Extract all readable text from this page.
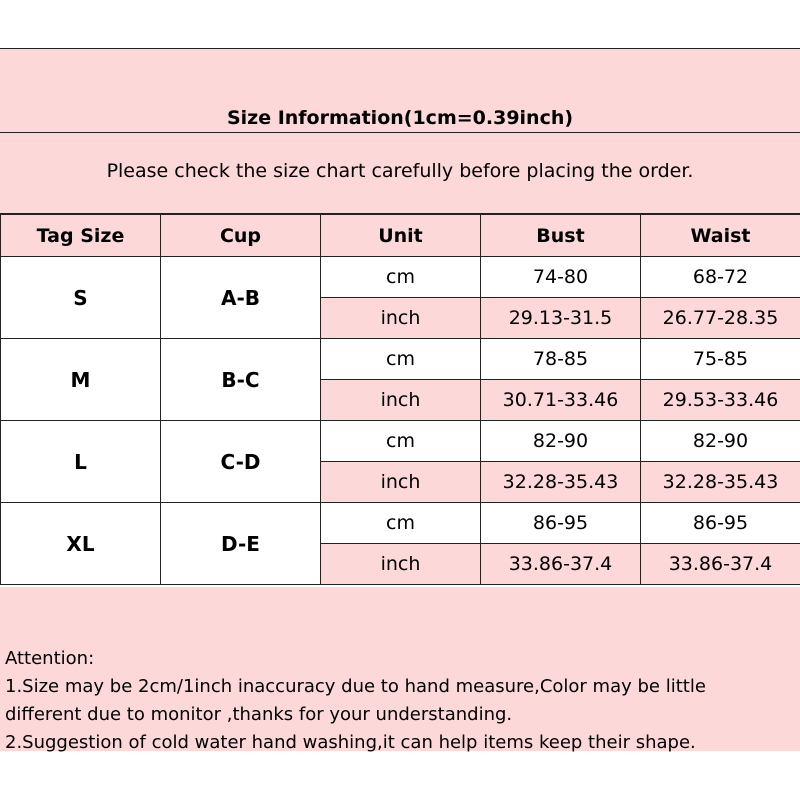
Size Information(1cm=0.39inch)
Please check the size chart carefully before placing the order.
Tag Size	Cup	Unit	Bust	Waist
S	A-B	cm	74-80	68-72
		inch	29.13-31.5	26.77-28.35
M	B-C	cm	78-85	75-85
		inch	30.71-33.46	29.53-33.46
L	C-D	cm	82-90	82-90
		inch	32.28-35.43	32.28-35.43
XL	D-E	cm	86-95	86-95
		inch	33.86-37.4	33.86-37.4
Attention:
1.Size may be 2cm/1inch inaccuracy due to hand measure,Color may be little
different due to monitor ,thanks for your understanding.
2.Suggestion of cold water hand washing,it can help items keep their shape.
